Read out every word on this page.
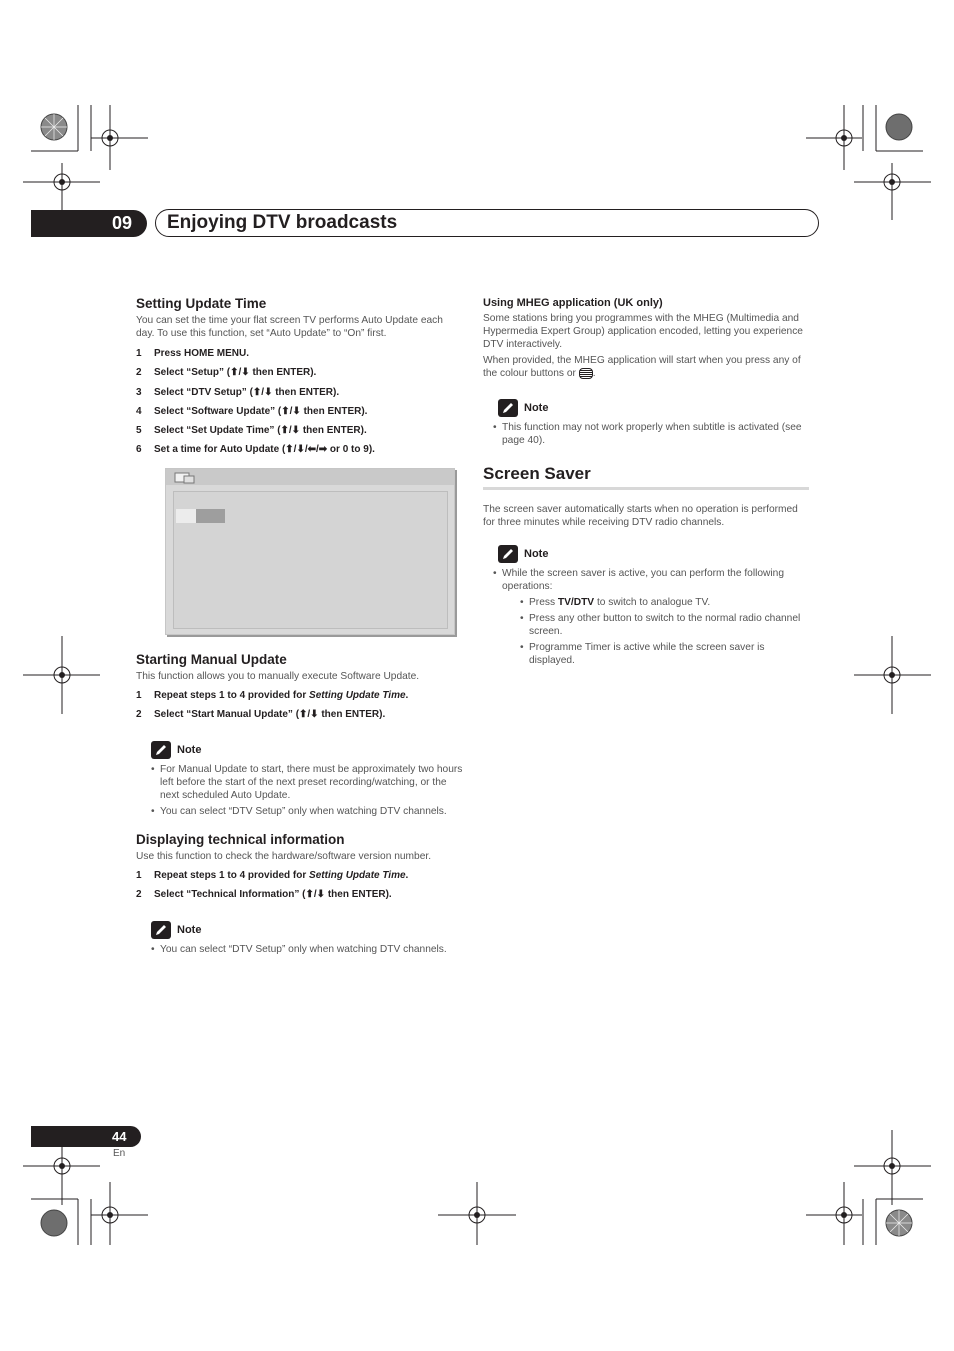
09 Enjoying DTV broadcasts
Setting Update Time

You can set the time your flat screen TV performs Auto Update each day. To use this function, set “Auto Update” to “On” first.

1 Press HOME MENU.
2 Select “Setup” (⬆/⬇ then ENTER).
3 Select “DTV Setup” (⬆/⬇ then ENTER).
4 Select “Software Update” (⬆/⬇ then ENTER).
5 Select “Set Update Time” (⬆/⬇ then ENTER).
6 Set a time for Auto Update (⬆/⬇/⬅/➡ or 0 to 9).
Starting Manual Update

This function allows you to manually execute Software Update.

1 Repeat steps 1 to 4 provided for Setting Update Time.
2 Select “Start Manual Update” (⬆/⬇ then ENTER).
Note
• For Manual Update to start, there must be approximately two hours left before the start of the next preset recording/watching, or the next scheduled Auto Update.
• You can select “DTV Setup” only when watching DTV channels.
Displaying technical information

Use this function to check the hardware/software version number.

1 Repeat steps 1 to 4 provided for Setting Update Time.
2 Select “Technical Information” (⬆/⬇ then ENTER).
Note
• You can select “DTV Setup” only when watching DTV channels.
Using MHEG application (UK only)

Some stations bring you programmes with the MHEG (Multimedia and Hypermedia Expert Group) application encoded, letting you experience DTV interactively.

When provided, the MHEG application will start when you press any of the colour buttons or .

Note
• This function may not work properly when subtitle is activated (see page 40).
Screen Saver

The screen saver automatically starts when no operation is performed for three minutes while receiving DTV radio channels.

Note
• While the screen saver is active, you can perform the following operations:
• Press TV/DTV to switch to analogue TV.
• Press any other button to switch to the normal radio channel screen.
• Programme Timer is active while the screen saver is displayed.
44
En
